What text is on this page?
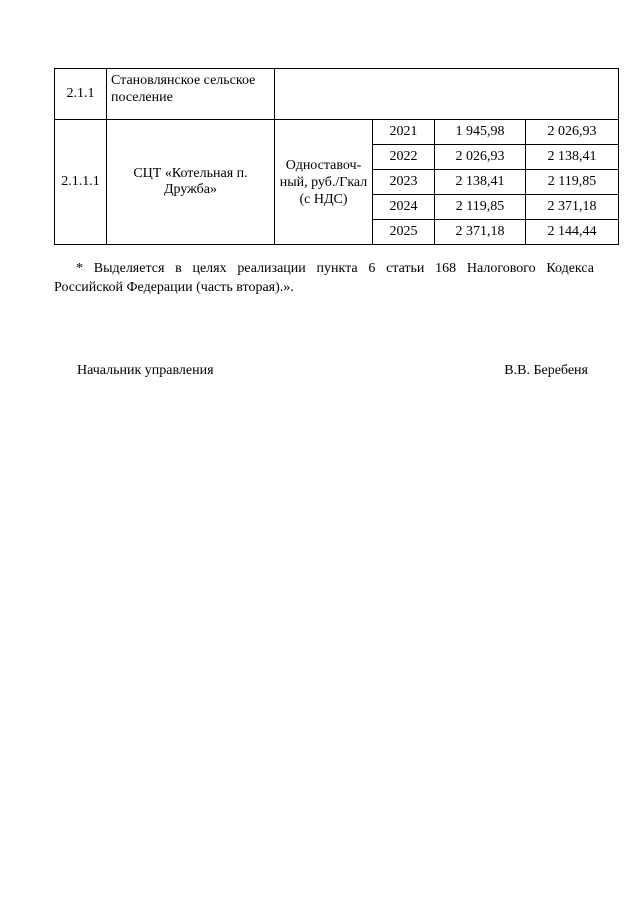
2.1.1	Становлянское сельское поселение				
2.1.1.1	СЦТ «Котельная п. Дружба»	Одноставоч-ный, руб./Гкал (с НДС)	2021	1 945,98	2 026,93
			2022	2 026,93	2 138,41
			2023	2 138,41	2 119,85
			2024	2 119,85	2 371,18
			2025	2 371,18	2 144,44

* Выделяется в целях реализации пункта 6 статьи 168 Налогового Кодекса Российской Федерации (часть вторая).».

Начальник управления	В.В. Беребеня
